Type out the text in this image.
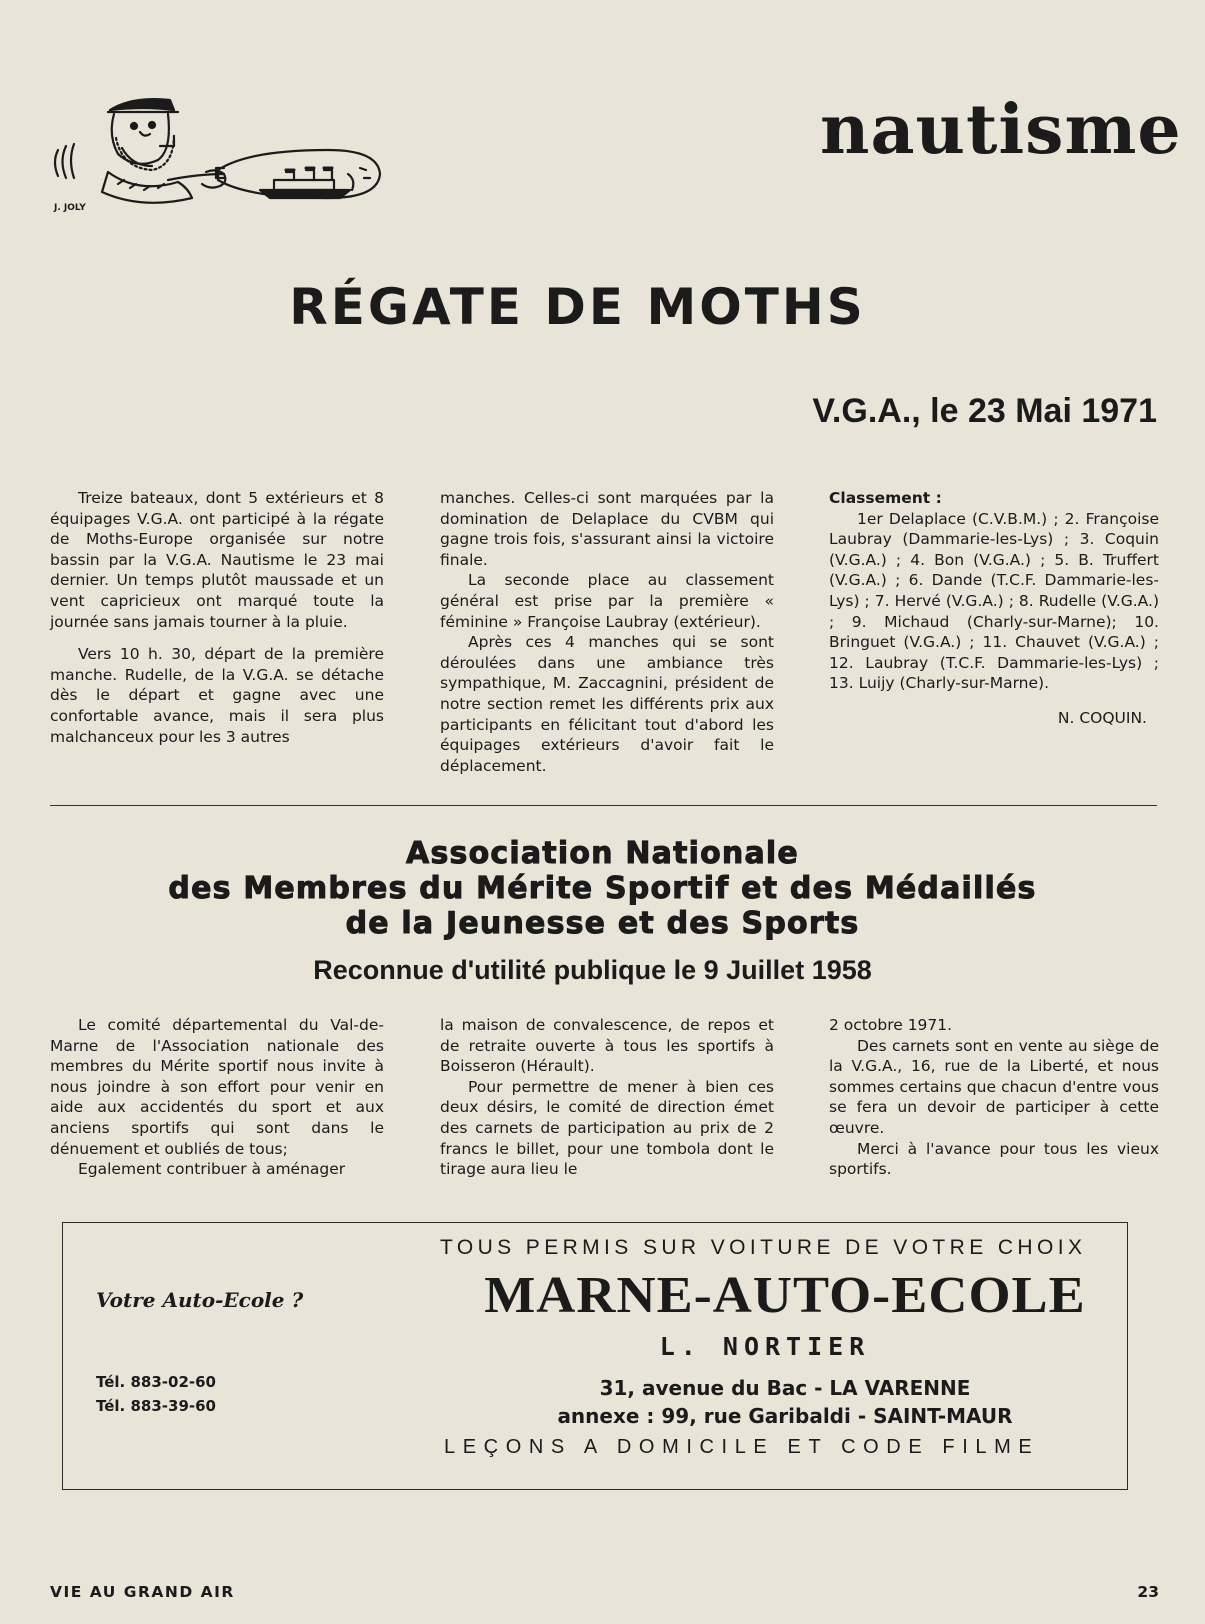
J. JOLY
nautisme
RÉGATE DE MOTHS
V.G.A., le 23 Mai 1971

Treize bateaux, dont 5 extérieurs et 8 équipages V.G.A. ont participé à la régate de Moths-Europe organisée sur notre bassin par la V.G.A. Nautisme le 23 mai dernier. Un temps plutôt maussade et un vent capricieux ont marqué toute la journée sans jamais tourner à la pluie.

Vers 10 h. 30, départ de la première manche. Rudelle, de la V.G.A. se détache dès le départ et gagne avec une confortable avance, mais il sera plus malchanceux pour les 3 autres

manches. Celles-ci sont marquées par la domination de Delaplace du CVBM qui gagne trois fois, s'assurant ainsi la victoire finale.

La seconde place au classement général est prise par la première « féminine » Françoise Laubray (extérieur).

Après ces 4 manches qui se sont déroulées dans une ambiance très sympathique, M. Zaccagnini, président de notre section remet les différents prix aux participants en félicitant tout d'abord les équipages extérieurs d'avoir fait le déplacement.

Classement :

1er Delaplace (C.V.B.M.) ; 2. Françoise Laubray (Dammarie-les-Lys) ; 3. Coquin (V.G.A.) ; 4. Bon (V.G.A.) ; 5. B. Truffert (V.G.A.) ; 6. Dande (T.C.F. Dammarie-les-Lys) ; 7. Hervé (V.G.A.) ; 8. Rudelle (V.G.A.) ; 9. Michaud (Charly-sur-Marne); 10. Bringuet (V.G.A.) ; 11. Chauvet (V.G.A.) ; 12. Laubray (T.C.F. Dammarie-les-Lys) ; 13. Luijy (Charly-sur-Marne).

N. COQUIN.

Association Nationale
des Membres du Mérite Sportif et des Médaillés
de la Jeunesse et des Sports
Reconnue d'utilité publique le 9 Juillet 1958

Le comité départemental du Val-de-Marne de l'Association nationale des membres du Mérite sportif nous invite à nous joindre à son effort pour venir en aide aux accidentés du sport et aux anciens sportifs qui sont dans le dénuement et oubliés de tous;

Egalement contribuer à aménager

la maison de convalescence, de repos et de retraite ouverte à tous les sportifs à Boisseron (Hérault).

Pour permettre de mener à bien ces deux désirs, le comité de direction émet des carnets de participation au prix de 2 francs le billet, pour une tombola dont le tirage aura lieu le

2 octobre 1971.

Des carnets sont en vente au siège de la V.G.A., 16, rue de la Liberté, et nous sommes certains que chacun d'entre vous se fera un devoir de participer à cette œuvre.

Merci à l'avance pour tous les vieux sportifs.

Votre Auto-Ecole ?
Tél. 883-02-60
Tél. 883-39-60
TOUS PERMIS SUR VOITURE DE VOTRE CHOIX
MARNE-AUTO-ECOLE
L. NORTIER
31, avenue du Bac - LA VARENNE
annexe : 99, rue Garibaldi - SAINT-MAUR
LEÇONS A DOMICILE ET CODE FILME
VIE AU GRAND AIR	23
